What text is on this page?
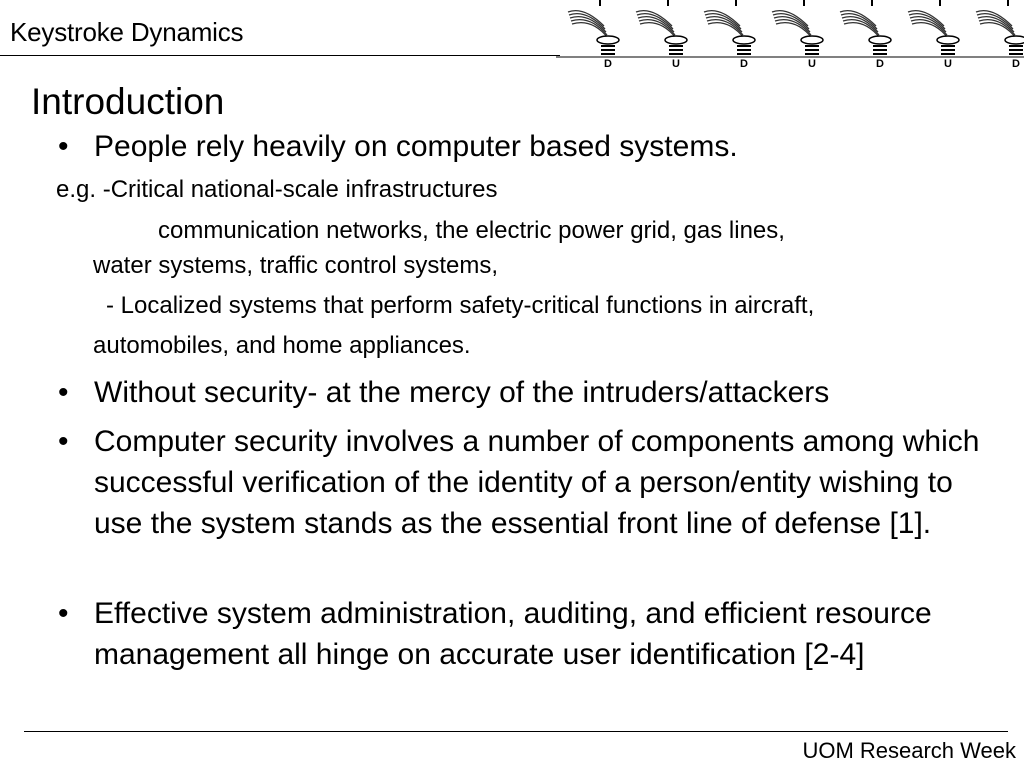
Keystroke Dynamics
D	U	D	U	D	U	D
Introduction
• People rely heavily on computer based systems.
e.g. -Critical national-scale infrastructures
communication networks, the electric power grid, gas lines,
water systems, traffic control systems,
- Localized systems that perform safety-critical functions in aircraft,
automobiles, and home appliances.
• Without security- at the mercy of the intruders/attackers
• Computer security involves a number of components among which successful verification of the identity of a person/entity wishing to use the system stands as the essential front line of defense [1].
• Effective system administration, auditing, and efficient resource management all hinge on accurate user identification [2-4]
UOM Research Week
